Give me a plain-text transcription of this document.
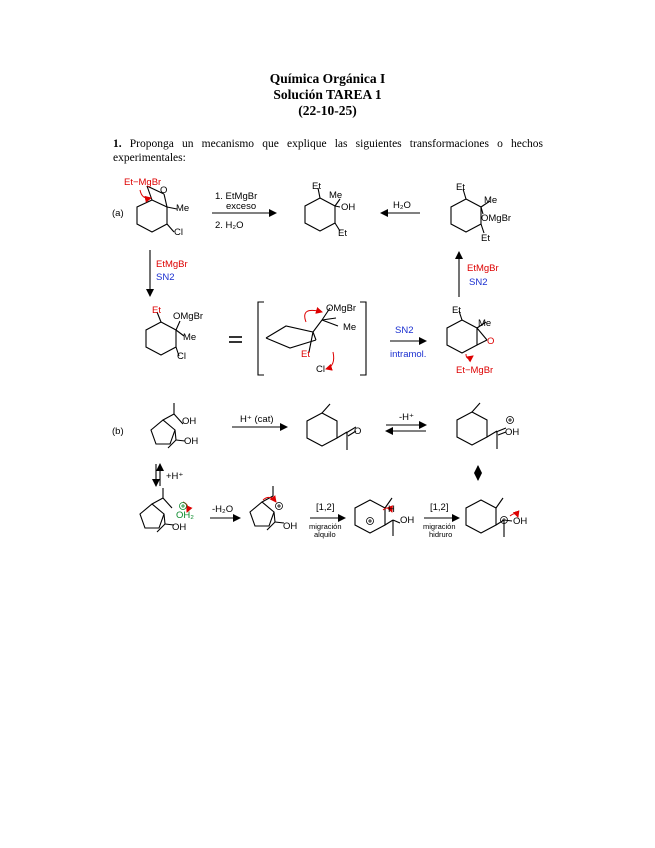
Química Orgánica I
Solución TAREA 1
(22-10-25)
1. Proponga un mecanismo que explique las siguientes transformaciones o hechos experimentales:
(a)
Et−MgBr
O
Me
Cl
1. EtMgBr
exceso
2. H₂O
Et
Me
OH
Et
H₂O
Et
Me
OMgBr
Et
EtMgBr
SN2
EtMgBr
SN2
Et
OMgBr
Me
Cl
OMgBr
Me
Et
Cl
SN2
intramol.
Et
Me
O
Et−MgBr
(b)
OH
OH
H⁺ (cat)
O
-H⁺
OH
+H⁺
OH₂
OH
-H₂O
OH
[1,2]
migración
alquilo
H
OH
[1,2]
migración
hidruro
OH
